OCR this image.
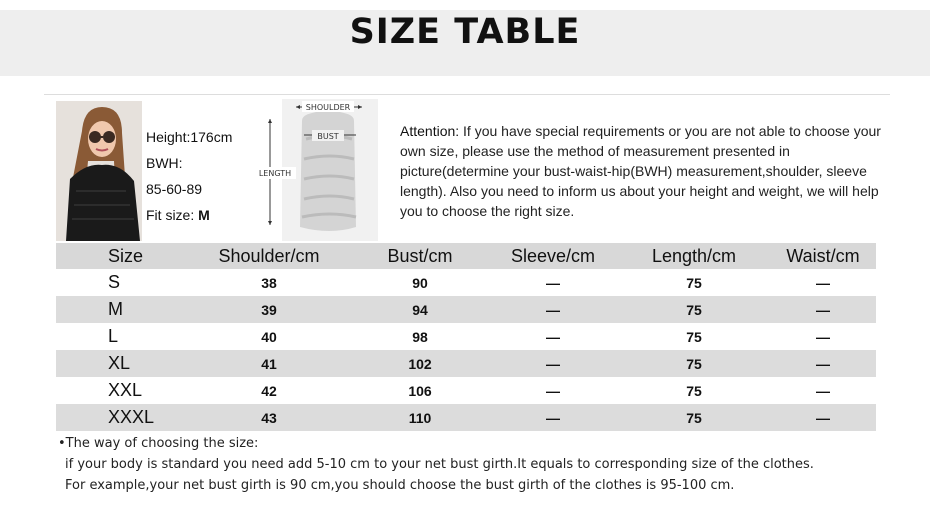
SIZE TABLE
Height:176cm
BWH:
85-60-89
Fit size: M
SHOULDER
BUST
LENGTH
Attention: If you have special requirements or you are not able to choose your own size, please use the method of measurement presented in picture(determine your bust-waist-hip(BWH) measurement,shoulder, sleeve length). Also you need to inform us about your height and weight, we will help you to choose the right size.
Size	Shoulder/cm	Bust/cm	Sleeve/cm	Length/cm	Waist/cm
S	38	90	—	75	—
M	39	94	—	75	—
L	40	98	—	75	—
XL	41	102	—	75	—
XXL	42	106	—	75	—
XXXL	43	110	—	75	—
•The way of choosing the size:
if your body is standard you need add 5-10 cm to your net bust girth.It equals to corresponding size of the clothes.
For example,your net bust girth is 90 cm,you should choose the bust girth of the clothes is 95-100 cm.
